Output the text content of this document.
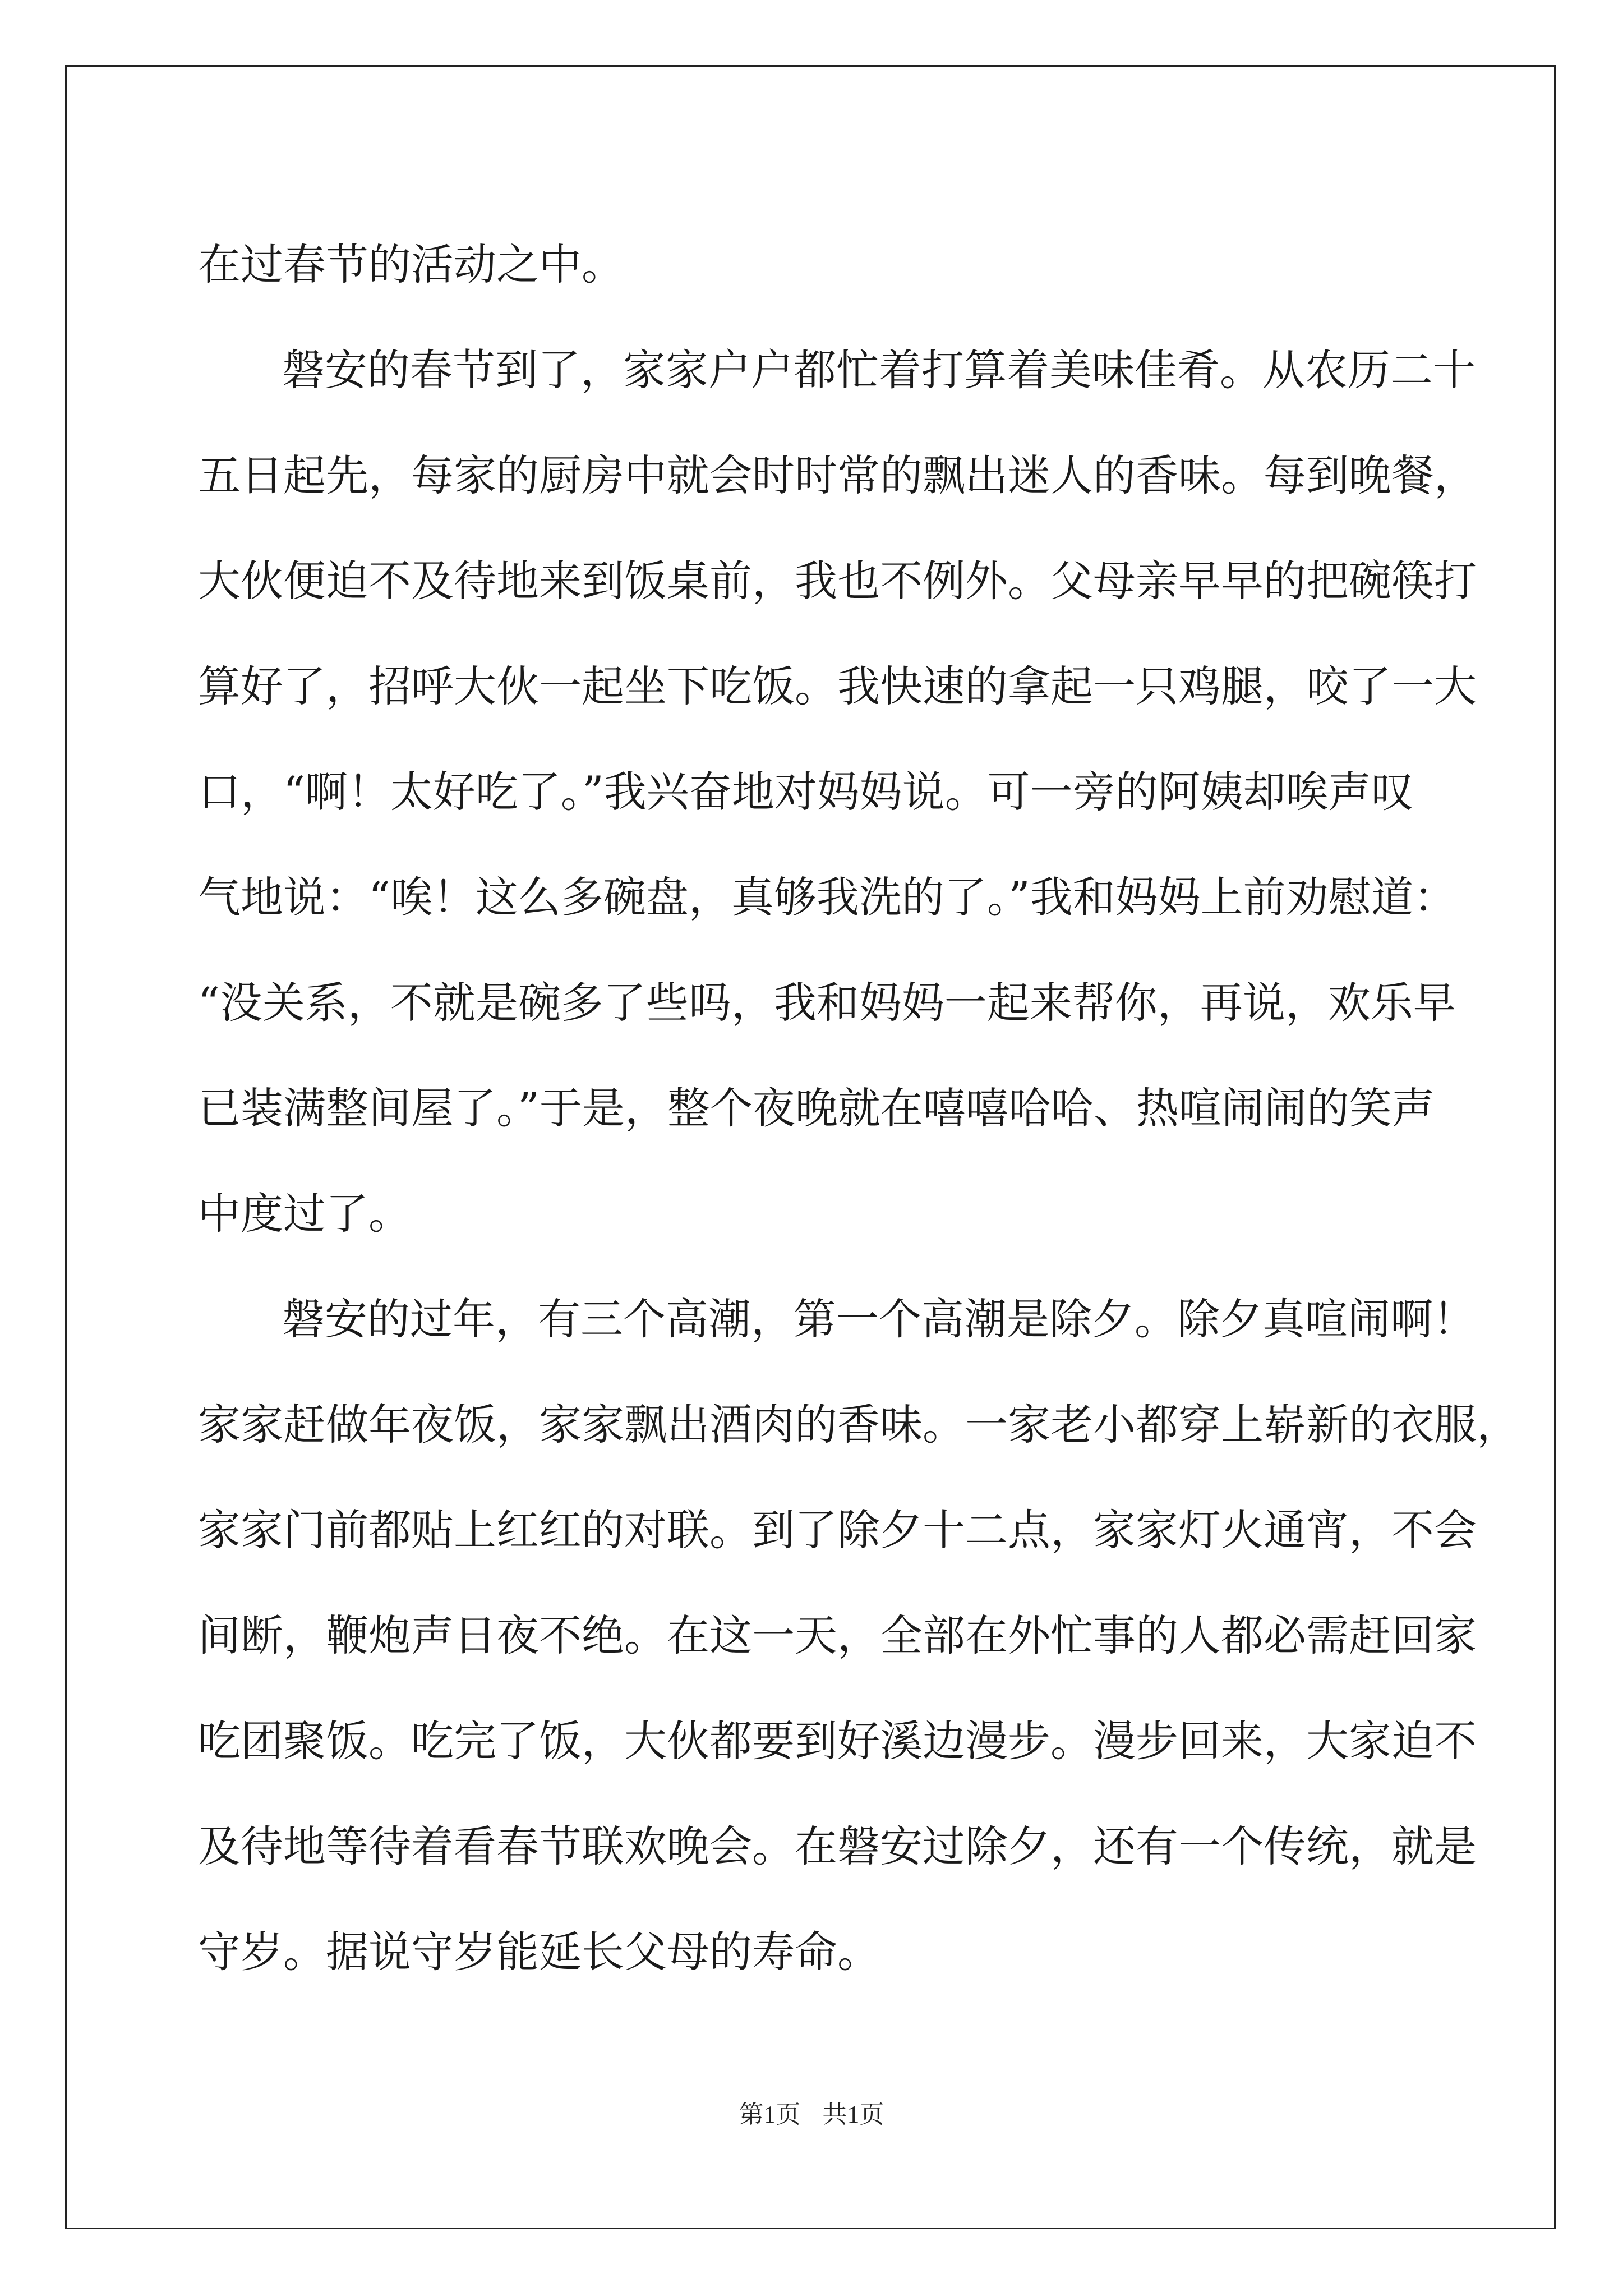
在过春节的活动之中。
磐安的春节到了，家家户户都忙着打算着美味佳肴。从农历二十
五日起先，每家的厨房中就会时时常的飘出迷人的香味。每到晚餐，
大伙便迫不及待地来到饭桌前，我也不例外。父母亲早早的把碗筷打
算好了，招呼大伙一起坐下吃饭。我快速的拿起一只鸡腿，咬了一大
口，“啊！太好吃了。”我兴奋地对妈妈说。可一旁的阿姨却唉声叹
气地说：“唉！这么多碗盘，真够我洗的了。”我和妈妈上前劝慰道：
“没关系，不就是碗多了些吗，我和妈妈一起来帮你，再说，欢乐早
已装满整间屋了。”于是，整个夜晚就在嘻嘻哈哈、热喧闹闹的笑声
中度过了。
磐安的过年，有三个高潮，第一个高潮是除夕。除夕真喧闹啊！
家家赶做年夜饭，家家飘出酒肉的香味。一家老小都穿上崭新的衣服，
家家门前都贴上红红的对联。到了除夕十二点，家家灯火通宵，不会
间断，鞭炮声日夜不绝。在这一天，全部在外忙事的人都必需赶回家
吃团聚饭。吃完了饭，大伙都要到好溪边漫步。漫步回来，大家迫不
及待地等待着看春节联欢晚会。在磐安过除夕，还有一个传统，就是
守岁。据说守岁能延长父母的寿命。
第1页 共1页
